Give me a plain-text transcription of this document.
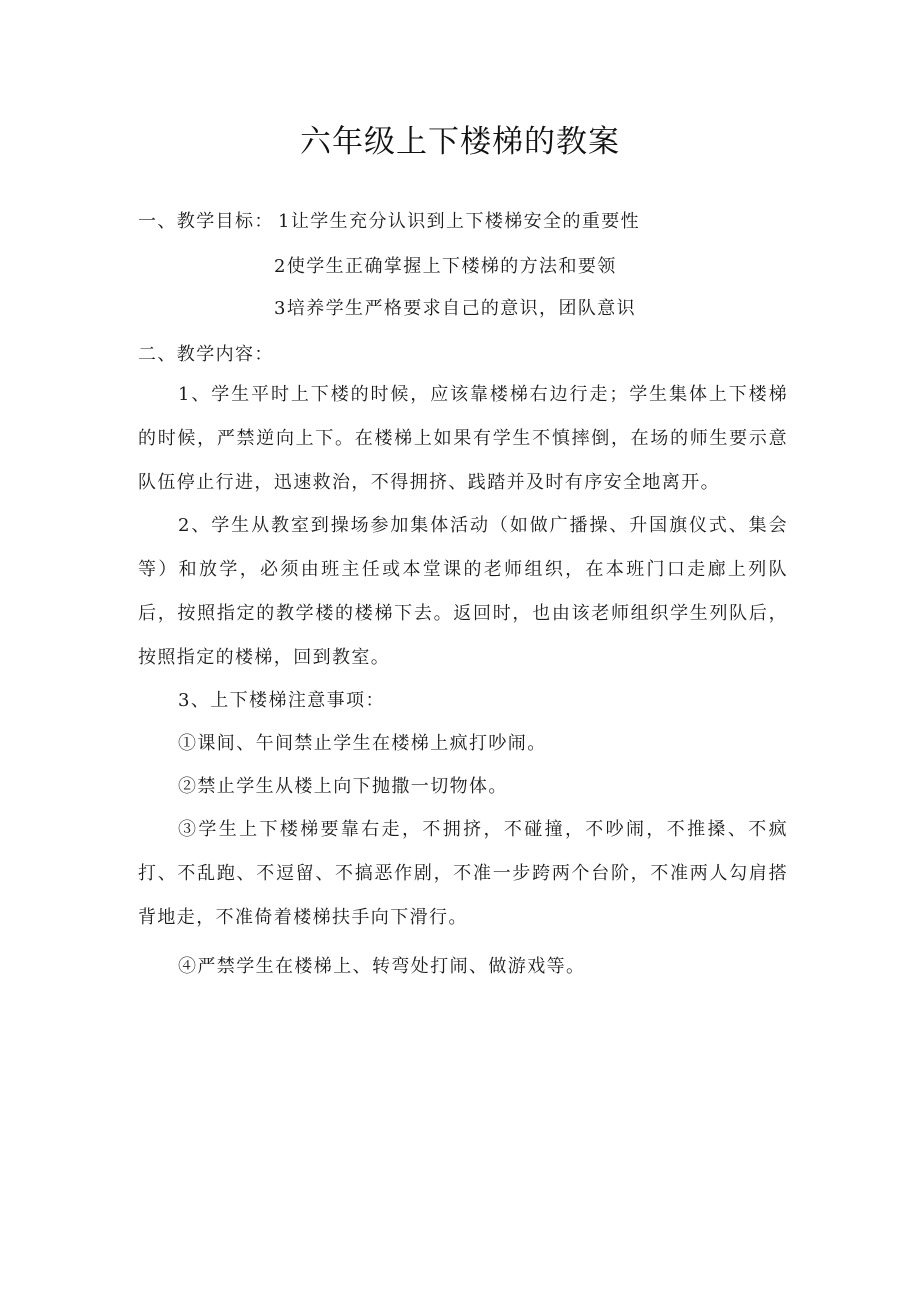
六年级上下楼梯的教案
一、教学目标： 1让学生充分认识到上下楼梯安全的重要性
2使学生正确掌握上下楼梯的方法和要领
3培养学生严格要求自己的意识，团队意识
二、教学内容：
1、学生平时上下楼的时候，应该靠楼梯右边行走；学生集体上下楼梯的时候，严禁逆向上下。在楼梯上如果有学生不慎摔倒，在场的师生要示意队伍停止行进，迅速救治，不得拥挤、践踏并及时有序安全地离开。
2、学生从教室到操场参加集体活动（如做广播操、升国旗仪式、集会等）和放学，必须由班主任或本堂课的老师组织，在本班门口走廊上列队后，按照指定的教学楼的楼梯下去。返回时，也由该老师组织学生列队后，按照指定的楼梯，回到教室。
3、上下楼梯注意事项：
①课间、午间禁止学生在楼梯上疯打吵闹。
②禁止学生从楼上向下抛撒一切物体。
③学生上下楼梯要靠右走，不拥挤，不碰撞，不吵闹，不推搡、不疯打、不乱跑、不逗留、不搞恶作剧，不准一步跨两个台阶，不准两人勾肩搭背地走，不准倚着楼梯扶手向下滑行。
④严禁学生在楼梯上、转弯处打闹、做游戏等。
